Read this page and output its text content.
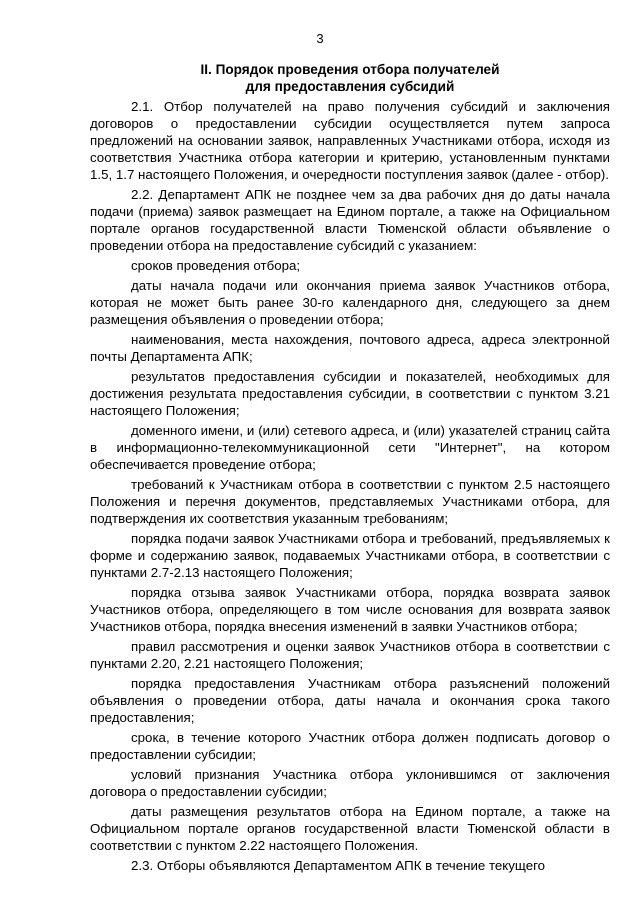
3
II. Порядок проведения отбора получателей
для предоставления субсидий

2.1. Отбор получателей на право получения субсидий и заключения договоров о предоставлении субсидии осуществляется путем запроса предложений на основании заявок, направленных Участниками отбора, исходя из соответствия Участника отбора категории и критерию, установленным пунктами 1.5, 1.7 настоящего Положения, и очередности поступления заявок (далее - отбор).

2.2. Департамент АПК не позднее чем за два рабочих дня до даты начала подачи (приема) заявок размещает на Едином портале, а также на Официальном портале органов государственной власти Тюменской области объявление о проведении отбора на предоставление субсидий с указанием:

сроков проведения отбора;

даты начала подачи или окончания приема заявок Участников отбора, которая не может быть ранее 30-го календарного дня, следующего за днем размещения объявления о проведении отбора;

наименования, места нахождения, почтового адреса, адреса электронной почты Департамента АПК;

результатов предоставления субсидии и показателей, необходимых для достижения результата предоставления субсидии, в соответствии с пунктом 3.21 настоящего Положения;

доменного имени, и (или) сетевого адреса, и (или) указателей страниц сайта в информационно-телекоммуникационной сети "Интернет", на котором обеспечивается проведение отбора;

требований к Участникам отбора в соответствии с пунктом 2.5 настоящего Положения и перечня документов, представляемых Участниками отбора, для подтверждения их соответствия указанным требованиям;

порядка подачи заявок Участниками отбора и требований, предъявляемых к форме и содержанию заявок, подаваемых Участниками отбора, в соответствии с пунктами 2.7-2.13 настоящего Положения;

порядка отзыва заявок Участниками отбора, порядка возврата заявок Участников отбора, определяющего в том числе основания для возврата заявок Участников отбора, порядка внесения изменений в заявки Участников отбора;

правил рассмотрения и оценки заявок Участников отбора в соответствии с пунктами 2.20, 2.21 настоящего Положения;

порядка предоставления Участникам отбора разъяснений положений объявления о проведении отбора, даты начала и окончания срока такого предоставления;

срока, в течение которого Участник отбора должен подписать договор о предоставлении субсидии;

условий признания Участника отбора уклонившимся от заключения договора о предоставлении субсидии;

даты размещения результатов отбора на Едином портале, а также на Официальном портале органов государственной власти Тюменской области в соответствии с пунктом 2.22 настоящего Положения.

2.3. Отборы объявляются Департаментом АПК в течение текущего
